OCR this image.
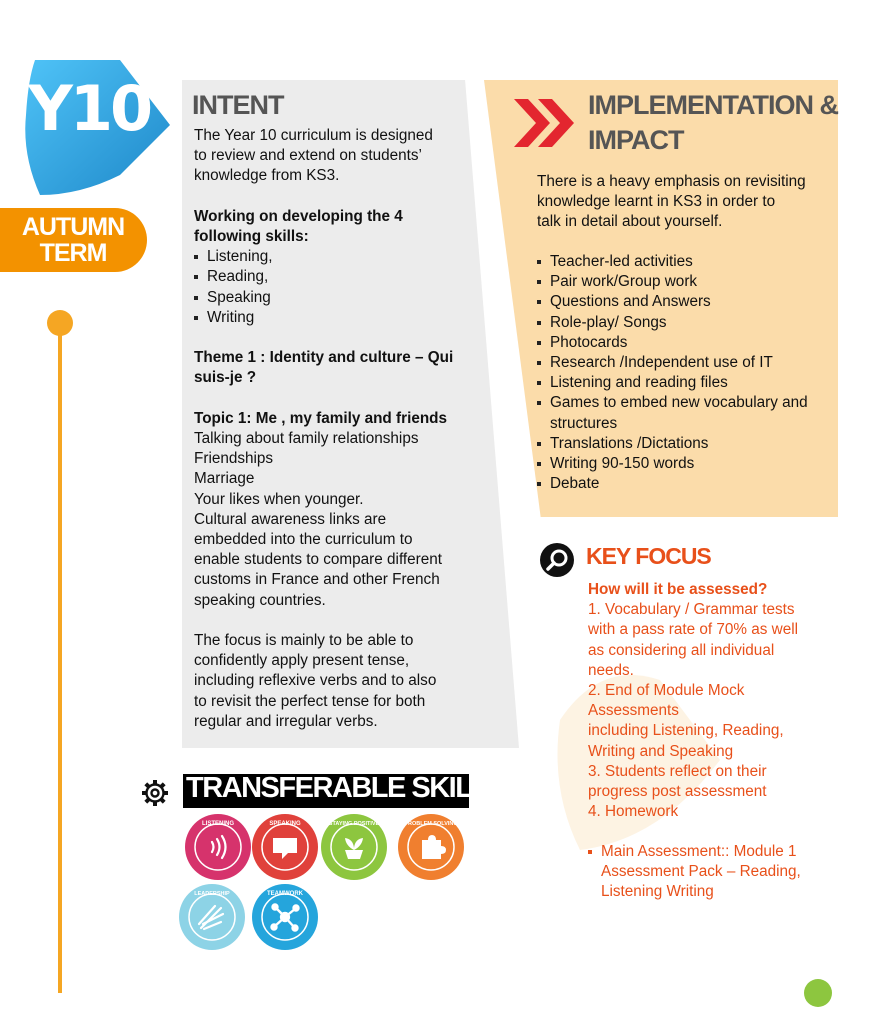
Y10
AUTUMN
TERM
INTENT

The Year 10 curriculum is designed

to review and extend on students’

knowledge from KS3.

Working on developing the 4

following skills:

Listening,
Reading,
Speaking
Writing

Theme 1 : Identity and culture – Qui

suis-je ?

Topic 1: Me , my family and friends

Talking about family relationships

Friendships

Marriage

Your likes when younger.

Cultural awareness links are

embedded into the curriculum to

enable students to compare different

customs in France and other French

speaking countries.

The focus is mainly to be able to

confidently apply present tense,

including reflexive verbs and to also

to revisit the perfect tense for both

regular and irregular verbs.

IMPLEMENTATION &
IMPACT

There is a heavy emphasis on revisiting

knowledge learnt in KS3 in order to

talk in detail about yourself.

Teacher-led activities
Pair work/Group work
Questions and Answers
Role-play/ Songs
Photocards
Research /Independent use of IT
Listening and reading files
Games to embed new vocabulary and structures
Translations /Dictations
Writing 90-150 words
Debate
KEY FOCUS

How will it be assessed?

1. Vocabulary / Grammar tests

with a pass rate of 70% as well

as considering all individual

needs.

2. End of Module Mock

Assessments

including Listening, Reading,

Writing and Speaking

3. Students reflect on their

progress post assessment

4. Homework

Main Assessment:: Module 1 Assessment Pack – Reading, Listening Writing
TRANSFERABLE SKILLS:
LISTENING	SPEAKING	STAYING POSITIVE	PROBLEM SOLVING
LEADERSHIP	TEAMWORK
